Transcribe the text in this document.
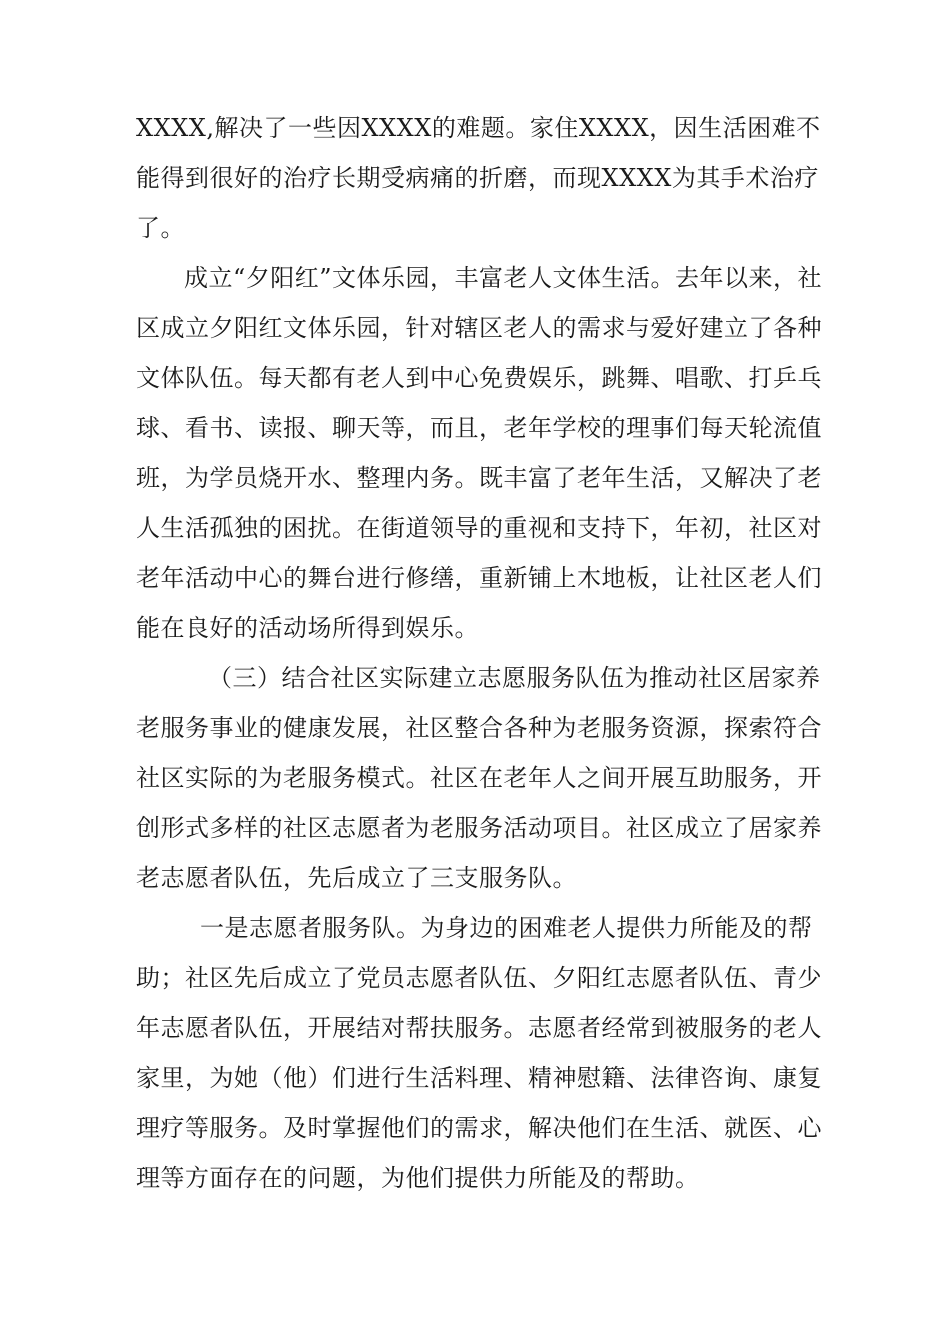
XXXX,解决了一些因XXXX的难题。家住XXXX，因生活困难不能得到很好的治疗长期受病痛的折磨，而现XXXX为其手术治疗了。

成立“夕阳红”文体乐园，丰富老人文体生活。去年以来，社区成立夕阳红文体乐园，针对辖区老人的需求与爱好建立了各种文体队伍。每天都有老人到中心免费娱乐，跳舞、唱歌、打乒乓球、看书、读报、聊天等，而且，老年学校的理事们每天轮流值班，为学员烧开水、整理内务。既丰富了老年生活，又解决了老人生活孤独的困扰。在街道领导的重视和支持下，年初，社区对老年活动中心的舞台进行修缮，重新铺上木地板，让社区老人们能在良好的活动场所得到娱乐。

（三）结合社区实际建立志愿服务队伍为推动社区居家养老服务事业的健康发展，社区整合各种为老服务资源，探索符合社区实际的为老服务模式。社区在老年人之间开展互助服务，开创形式多样的社区志愿者为老服务活动项目。社区成立了居家养老志愿者队伍，先后成立了三支服务队。

一是志愿者服务队。为身边的困难老人提供力所能及的帮助；社区先后成立了党员志愿者队伍、夕阳红志愿者队伍、青少年志愿者队伍，开展结对帮扶服务。志愿者经常到被服务的老人家里，为她（他）们进行生活料理、精神慰籍、法律咨询、康复理疗等服务。及时掌握他们的需求，解决他们在生活、就医、心理等方面存在的问题，为他们提供力所能及的帮助。
